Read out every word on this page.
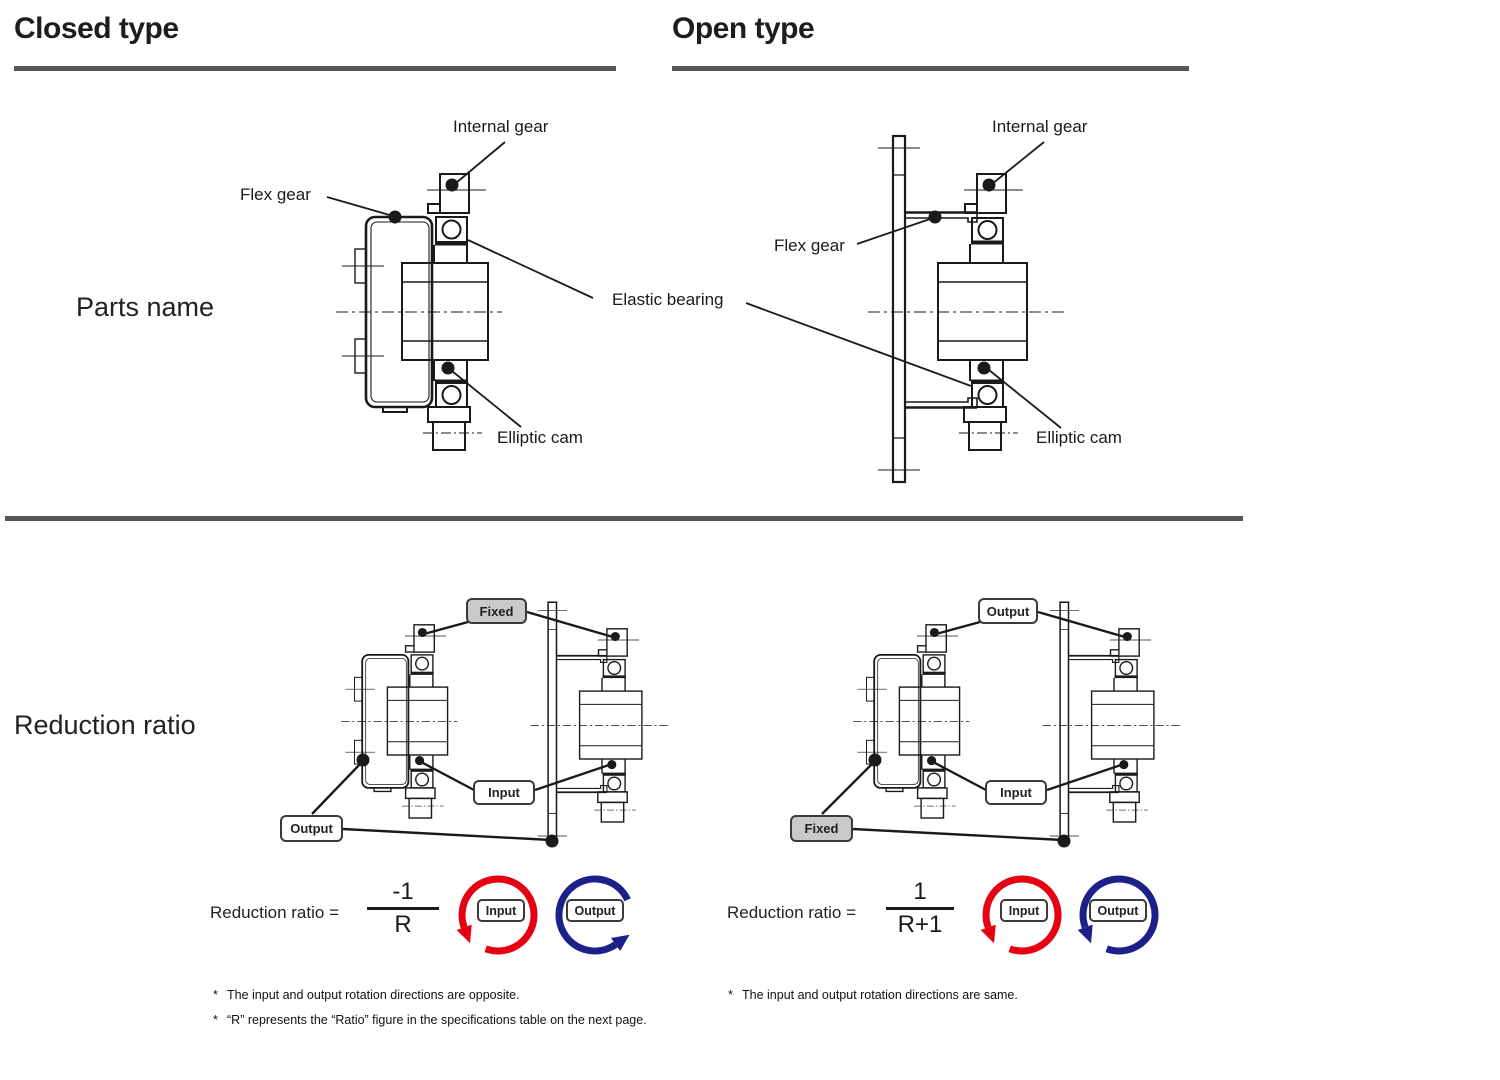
Closed type	Open type
Parts name
Reduction ratio
Internal gear
Flex gear
Elastic bearing
Elliptic cam
Internal gear
Flex gear
Elliptic cam
Fixed
Input
Output
Output
Input
Fixed
Reduction ratio =
-1
R	Reduction ratio =
1
R+1
Input	Output	Input	Output
* The input and output rotation directions are opposite.
* “R” represents the “Ratio” figure in the specifications table on the next page.
* The input and output rotation directions are same.
